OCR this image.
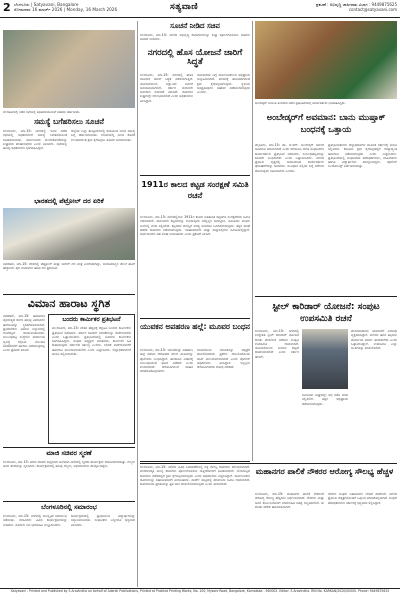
2 ಬೆಂಗಳೂರು | Satyavani, Bangalore
ಸೋಮವಾರ 16 ಮಾರ್ಚ್ 2026 | Monday, 16 March 2026	ಸತ್ಯವಾಣಿ	ಪ್ರಕಟಣೆ : ಅಭಿವೃದ್ಧಿ ಜಾಹೀರಾತು ವಿಭಾಗ : 9449875625
contact@satyavani.com
ಬೆಂಗಳೂರಿನಲ್ಲಿ ನಡೆದ ಸಭೆಯಲ್ಲಿ ಅಧಿಕಾರಿಗಳೊಂದಿಗೆ ಸಚಿವರು ಚರ್ಚಿಸಿದರು.
ಸಮಸ್ಯೆ ಬಗೆಹರಿಸಲು ಸೂಚನೆ
ಬೆಂಗಳೂರು, ಮಾ.15: ನಗರದಲ್ಲಿ ಇಂದು ನಡೆದ ಸಭೆಯಲ್ಲಿ ಅಧಿಕಾರಿಗಳಿಗೆ ಸಮಸ್ಯೆ ಬಗೆಹರಿಸುವಂತೆ ಸೂಚಿಸಲಾಯಿತು. ಸಾರ್ವಜನಿಕರ ಕುಂದುಕೊರತೆಗಳನ್ನು ಶೀಘ್ರವಾಗಿ ಪರಿಹರಿಸಬೇಕು ಎಂದು ತಿಳಿಸಿದರು. ಸಭೆಯಲ್ಲಿ ಹಲವು ಅಧಿಕಾರಿಗಳು ಭಾಗವಹಿಸಿದ್ದರು.
ಜಿಲ್ಲೆಯ ಎಲ್ಲಾ ತಾಲ್ಲೂಕುಗಳಲ್ಲಿ ಕುಡಿಯುವ ನೀರಿನ ಸಮಸ್ಯೆ ಬಗ್ಗೆ ಚರ್ಚಿಸಲಾಯಿತು. ಬೇಸಿಗೆಯಲ್ಲಿ ನೀರಿನ ಕೊರತೆ ಉಂಟಾಗದಂತೆ ಕ್ರಮ ಕೈಗೊಳ್ಳಲು ಸೂಚನೆ ನೀಡಲಾಯಿತು.
ಭಾರತದಲ್ಲಿ ಪೆಟ್ರೋಲ್ ದರ ಏರಿಕೆ
ನವದೆಹಲಿ, ಮಾ.15: ದೇಶದಲ್ಲಿ ಪೆಟ್ರೋಲ್ ಮತ್ತು ಡೀಸೆಲ್ ದರ ಮತ್ತೆ ಏರಿಕೆಯಾಗಿದ್ದು, ಜನಸಾಮಾನ್ಯರ ಮೇಲೆ ಹೊರೆ ಹೆಚ್ಚಾಗಿದೆ. ತೈಲ ಕಂಪನಿಗಳು ಹೊಸ ದರ ಪ್ರಕಟಿಸಿವೆ.
ವಿಮಾನ ಹಾರಾಟ ಸ್ಥಗಿತ
ನವದೆಹಲಿ, ಮಾ.15: ಹವಾಮಾನ ವೈಪರೀತ್ಯದ ಕಾರಣ ಹಲವು ವಿಮಾನಗಳ ಹಾರಾಟವನ್ನು ಸ್ಥಗಿತಗೊಳಿಸಲಾಗಿದೆ. ಪ್ರಯಾಣಿಕರು ವಿಮಾನ ನಿಲ್ದಾಣದಲ್ಲಿ ಗಂಟೆಗಟ್ಟಲೆ ಕಾಯುವಂತಾಯಿತು. ಸಂಬಂಧಪಟ್ಟ ಸಂಸ್ಥೆಗಳು ಪರ್ಯಾಯ ವ್ಯವಸ್ಥೆ ಕಲ್ಪಿಸಿವೆ. ಮುಂದಿನ ಸೂಚನೆವರೆಗೆ ಹಾರಾಟ ನಡೆಯುವುದಿಲ್ಲ ಎಂದು ಪ್ರಕಟಣೆ ತಿಳಿಸಿದೆ.
ಬಂದರು ಕಾರ್ಮಿಕರ ಪ್ರತಿಭಟನೆ
ಮಂಗಳೂರು, ಮಾ.15: ವೇತನ ಹೆಚ್ಚಳಕ್ಕೆ ಆಗ್ರಹಿಸಿ ಬಂದರು ಕಾರ್ಮಿಕರು ಪ್ರತಿಭಟನೆ ನಡೆಸಿದರು. ಸರ್ಕಾರ ಕೂಡಲೇ ಬೇಡಿಕೆಗಳನ್ನು ಈಡೇರಿಸಬೇಕು ಎಂದು ಒತ್ತಾಯಿಸಿದರು. ಪ್ರತಿಭಟನೆಯಲ್ಲಿ ನೂರಾರು ಕಾರ್ಮಿಕರು ಭಾಗವಹಿಸಿದ್ದರು. ಸಂಘದ ಅಧ್ಯಕ್ಷರು ಮಾತನಾಡಿ, ಕಾರ್ಮಿಕರ ಹಿತ ಕಾಪಾಡುವುದು ಸರ್ಕಾರದ ಕರ್ತವ್ಯ ಎಂದರು. ಬೇಡಿಕೆ ಈಡೇರುವವರೆಗೆ ಹೋರಾಟ ಮುಂದುವರಿಯಲಿದೆ ಎಂದು ಎಚ್ಚರಿಸಿದರು. ಜಿಲ್ಲಾಧಿಕಾರಿಗಳಿಗೆ ಮನವಿ ಸಲ್ಲಿಸಲಾಯಿತು.
ಮಾಜಿ ಸಚಿವರ ಸ್ಮರಣೆ
ಬೆಂಗಳೂರು, ಮಾ.15: ಮಾಜಿ ಸಚಿವರ ಜನ್ಮದಿನದ ಅಂಗವಾಗಿ ನಗರದಲ್ಲಿ ಸ್ಮರಣಾ ಕಾರ್ಯಕ್ರಮ ಆಯೋಜಿಸಲಾಗಿತ್ತು. ಗಣ್ಯರು ಅವರ ಸೇವೆಯನ್ನು ಸ್ಮರಿಸಿದರು. ಕಾರ್ಯಕ್ರಮದಲ್ಲಿ ಹಲವು ಗಣ್ಯರು, ಅಭಿಮಾನಿಗಳು ಪಾಲ್ಗೊಂಡಿದ್ದರು.
ಬೆಂಗಳೂರಿನಲ್ಲಿ ಸಮಾರಂಭ
ಬೆಂಗಳೂರು, ಮಾ.15: ನಗರದಲ್ಲಿ ಸಾಂಸ್ಕೃತಿಕ ಸಮಾರಂಭ ನಡೆಯಿತು. ಕಲಾವಿದರು ವಿವಿಧ ಕಾರ್ಯಕ್ರಮಗಳನ್ನು ನೀಡಿದರು. ನೂರಾರು ಜನ ಭಾಗವಹಿಸಿ ಸಂಭ್ರಮಿಸಿದರು.
ಕಾರ್ಯಕ್ರಮದಲ್ಲಿ ಪ್ರತಿಭಾವಂತ ವಿದ್ಯಾರ್ಥಿಗಳನ್ನು ಸನ್ಮಾನಿಸಲಾಯಿತು. ಸಂಘಟಕರು ಎಲ್ಲರಿಗೂ ಧನ್ಯವಾದ ತಿಳಿಸಿದರು.
ಸೂಚನೆ ನೀಡಿದ ಸಚಿವ
ಬೆಂಗಳೂರು, ಮಾ.15: ನಗರದ ಅಭಿವೃದ್ಧಿ ಕಾಮಗಾರಿಗಳನ್ನು ಶೀಘ್ರ ಪೂರ್ಣಗೊಳಿಸಲು ಸಚಿವರು ಸೂಚನೆ ನೀಡಿದರು.
ನಗರದಲ್ಲಿ ಹೊಸ ಯೋಜನೆ ಜಾರಿಗೆ ಸಿದ್ಧತೆ
ಬೆಂಗಳೂರು, ಮಾ.15: ನಗರದಲ್ಲಿ ಹೊಸ ಯೋಜನೆ ಜಾರಿಗೆ ಸಿದ್ಧತೆ ನಡೆಸಲಾಗುತ್ತಿದೆ. ಯೋಜನೆಯಿಂದ ಲಕ್ಷಾಂತರ ಜನರಿಗೆ ಅನುಕೂಲವಾಗಲಿದೆ. ಸರ್ಕಾರ ಈಗಾಗಲೇ ಅನುದಾನ ಬಿಡುಗಡೆ ಮಾಡಿದೆ. ಕಾಮಗಾರಿ ಶೀಘ್ರದಲ್ಲೇ ಆರಂಭವಾಗಲಿದೆ ಎಂದು ಅಧಿಕಾರಿಗಳು ತಿಳಿಸಿದ್ದಾರೆ.
ಯೋಜನೆಯ ಬಗ್ಗೆ ಸಾರ್ವಜನಿಕರಿಂದ ಅಭಿಪ್ರಾಯ ಸಂಗ್ರಹಿಸಲಾಗಿದೆ. ಪರಿಸರಕ್ಕೆ ಹಾನಿಯಾಗದಂತೆ ಕ್ರಮ ಕೈಗೊಳ್ಳಲಾಗುವುದು. ಸ್ಥಳೀಯ ಜನಪ್ರತಿನಿಧಿಗಳ ಸಹಕಾರ ಪಡೆಯಲಾಗುವುದು ಎಂದರು.
1911ರ ಕಾಲದ ಕಟ್ಟಡ ಸಂರಕ್ಷಣೆ ಸಮಿತಿ ರಚನೆ
ಬೆಂಗಳೂರು, ಮಾ.15: ನಗರದಲ್ಲಿರುವ 1911ರ ಕಾಲದ ಐತಿಹಾಸಿಕ ಕಟ್ಟಡಗಳ ಸಂರಕ್ಷಣೆಗಾಗಿ ಸಮಿತಿ ರಚಿಸಲಾಗಿದೆ. ಪಾರಂಪರಿಕ ಕಟ್ಟಡಗಳನ್ನು ಉಳಿಸುವುದು ನಮ್ಮೆಲ್ಲರ ಜವಾಬ್ದಾರಿ. ಸಮಿತಿಯು ಮೂರು ತಿಂಗಳಲ್ಲಿ ವರದಿ ಸಲ್ಲಿಸಲಿದೆ. ಕಟ್ಟಡಗಳ ದುರಸ್ತಿಗೆ ಅಗತ್ಯ ಅನುದಾನ ಒದಗಿಸಲಾಗುವುದು. ತಜ್ಞರ ಸಲಹೆ ಪಡೆದು ಕಾಮಗಾರಿ ನಡೆಸಲಾಗುವುದು. ಇತಿಹಾಸಕಾರರು ಮತ್ತು ವಾಸ್ತುಶಿಲ್ಪಿಗಳು ಸಮಿತಿಯಲ್ಲಿದ್ದಾರೆ. ಸಾರ್ವಜನಿಕರು ಸಹ ಸಲಹೆ ನೀಡಬಹುದು ಎಂದು ಪ್ರಕಟಣೆ ತಿಳಿಸಿದೆ.
ಯುವಕನ ಅಪಹರಣ ಹಲ್ಲೆ: ಮೂವರ ಬಂಧನ
ಬೆಂಗಳೂರು, ಮಾ.15: ಯುವಕನನ್ನು ಅಪಹರಿಸಿ ಹಲ್ಲೆ ನಡೆಸಿದ ಆರೋಪದ ಮೇಲೆ ಮೂವರನ್ನು ಪೊಲೀಸರು ಬಂಧಿಸಿದ್ದಾರೆ. ಹಣಕಾಸಿನ ವಿಚಾರಕ್ಕೆ ಸಂಬಂಧಿಸಿದಂತೆ ಘಟನೆ ನಡೆದಿದೆ ಎಂದು ಶಂಕಿಸಲಾಗಿದೆ. ಆರೋಪಿಗಳಿಂದ ವಾಹನ ವಶಪಡಿಸಿಕೊಳ್ಳಲಾಗಿದೆ.
ಗಾಯಗೊಂಡ ಯುವಕನನ್ನು ಆಸ್ಪತ್ರೆಗೆ ದಾಖಲಿಸಲಾಗಿದೆ. ಪ್ರಕರಣ ದಾಖಲಿಸಿಕೊಂಡು ತನಿಖೆ ಮುಂದುವರಿಸಲಾಗಿದೆ ಎಂದು ಪೊಲೀಸ್ ಅಧಿಕಾರಿಗಳು ತಿಳಿಸಿದ್ದಾರೆ. ಇನ್ನಿಬ್ಬರು ಆರೋಪಿಗಳಿಗಾಗಿ ಶೋಧ ನಡೆದಿದೆ.
ಬೆಂಗಳೂರು, ಮಾ.15: ನಗರದ ವಿವಿಧ ಬಡಾವಣೆಗಳಲ್ಲಿ ರಸ್ತೆ ದುರಸ್ತಿ ಕಾಮಗಾರಿ ಆರಂಭಿಸಲಾಗಿದೆ. ಮಳೆಗಾಲಕ್ಕೂ ಮುನ್ನ ಕಾಮಗಾರಿ ಪೂರ್ಣಗೊಳಿಸಲು ಗುತ್ತಿಗೆದಾರರಿಗೆ ಸೂಚಿಸಲಾಗಿದೆ. ಗುಣಮಟ್ಟದ ಕಾಮಗಾರಿ ನಡೆಸದಿದ್ದರೆ ಕ್ರಮ ಕೈಗೊಳ್ಳಲಾಗುವುದು ಎಂದು ಅಧಿಕಾರಿಗಳು ಎಚ್ಚರಿಸಿದ್ದಾರೆ. ಸಾರ್ವಜನಿಕರು ದೂರುಗಳನ್ನು ಸಹಾಯವಾಣಿಗೆ ತಿಳಿಸಬಹುದು. ವಾರ್ಡ್ ಮಟ್ಟದಲ್ಲಿ ಪರಿಶೀಲನಾ ಸಮಿತಿ ರಚಿಸಲಾಗಿದೆ. ಕಾಮಗಾರಿಯ ಪ್ರಗತಿಯನ್ನು ಪ್ರತಿ ವಾರ ಪರಿಶೀಲಿಸಲಾಗುವುದು ಎಂದು ತಿಳಿಸಲಾಗಿದೆ.
ಅಂಬೇಡ್ಕರ್ ಜಯಂತಿ ಅಂಗವಾಗಿ ನಡೆದ ಪ್ರತಿಭಟನೆಯಲ್ಲಿ ಕಾರ್ಯಕರ್ತರು ಭಾಗವಹಿಸಿದ್ದರು.
ಅಂಬೇಡ್ಕರ್‌ಗೆ ಅವಮಾನ: ಬಾನು ಮುಷ್ತಾಕ್ ಬಂಧನಕ್ಕೆ ಒತ್ತಾಯ
ಮೈಸೂರು, ಮಾ.15: ಡಾ. ಬಿ.ಆರ್. ಅಂಬೇಡ್ಕರ್ ಅವರಿಗೆ ಅವಮಾನ ಮಾಡಲಾಗಿದೆ ಎಂದು ಆರೋಪಿಸಿ ದಲಿತ ಸಂಘಟನೆಗಳ ಕಾರ್ಯಕರ್ತರು ಪ್ರತಿಭಟನೆ ನಡೆಸಿದರು. ಸಂಬಂಧಪಟ್ಟವರನ್ನು ಕೂಡಲೇ ಬಂಧಿಸಬೇಕು ಎಂದು ಒತ್ತಾಯಿಸಿದರು. ನಗರದ ಪ್ರಮುಖ ವೃತ್ತದಲ್ಲಿ ಜಮಾಯಿಸಿದ ಕಾರ್ಯಕರ್ತರು ಘೋಷಣೆಗಳನ್ನು ಕೂಗಿದರು. ಸಂವಿಧಾನ ಶಿಲ್ಪಿಯ ಬಗ್ಗೆ ಅಗೌರವ ತೋರುವುದು ಸಹಿಸಲಾಗದು ಎಂದರು.
ಪ್ರತಿಭಟನಾಕಾರರು ಜಿಲ್ಲಾಧಿಕಾರಿಗಳ ಮೂಲಕ ಸರ್ಕಾರಕ್ಕೆ ಮನವಿ ಸಲ್ಲಿಸಿದರು. ಕಾನೂನು ಕ್ರಮ ಕೈಗೊಳ್ಳದಿದ್ದರೆ ರಾಜ್ಯಾದ್ಯಂತ ಹೋರಾಟ ನಡೆಸಲಾಗುವುದು ಎಂದು ಎಚ್ಚರಿಸಿದರು. ಪ್ರತಿಭಟನೆಯಲ್ಲಿ ಸಂಘಟನೆಯ ಪದಾಧಿಕಾರಿಗಳು, ಮಹಿಳೆಯರು ಹಾಗೂ ವಿದ್ಯಾರ್ಥಿಗಳು ಪಾಲ್ಗೊಂಡಿದ್ದರು. ಪೊಲೀಸ್ ಬಂದೋಬಸ್ತ್ ಏರ್ಪಡಿಸಲಾಗಿತ್ತು.
ಸ್ಟೀಲ್ ಕಾರಿಡಾರ್ ಯೋಜನೆ: ಸಂಪುಟ ಉಪಸಮಿತಿ ರಚನೆ
ಬೆಂಗಳೂರು, ಮಾ.15: ನಗರದಲ್ಲಿ ಉದ್ದೇಶಿತ ಸ್ಟೀಲ್ ಕಾರಿಡಾರ್ ಯೋಜನೆ ಕುರಿತು ಪರಿಶೀಲನೆ ನಡೆಸಲು ಸಂಪುಟ ಉಪಸಮಿತಿ ರಚಿಸಲಾಗಿದೆ. ಯೋಜನೆಯಿಂದ ಸಂಚಾರ ದಟ್ಟಣೆ ಕಡಿಮೆಯಾಗಲಿದೆ ಎಂದು ಸರ್ಕಾರ ಹೇಳಿದೆ.
ಪರಿಸರವಾದಿಗಳು ಯೋಜನೆಗೆ ವಿರೋಧ ವ್ಯಕ್ತಪಡಿಸಿದ್ದಾರೆ. ಮರಗಳ ಹನನ ತಪ್ಪಿಸಲು ಪರ್ಯಾಯ ಮಾರ್ಗ ಹುಡುಕಬೇಕು ಎಂದು ಒತ್ತಾಯಿಸಿದ್ದಾರೆ. ಉಪಸಮಿತಿ ಎಲ್ಲಾ ಅಂಶಗಳನ್ನು ಪರಿಶೀಲಿಸಲಿದೆ.
ಸಮಿತಿಯು ಶೀಘ್ರದಲ್ಲೇ ಸಭೆ ನಡೆಸಿ ವರದಿ ಸಲ್ಲಿಸಲಿದೆ. ತಜ್ಞರ ಅಭಿಪ್ರಾಯ ಪಡೆಯಲಾಗುವುದು.
ಮಹಾನಗರ ಪಾಲಿಕೆ ನೌಕರರ ಆರೋಗ್ಯ ಸೌಲಭ್ಯ ಹೆಚ್ಚಳ
ಬೆಂಗಳೂರು, ಮಾ.15: ಮಹಾನಗರ ಪಾಲಿಕೆ ನೌಕರರಿಗೆ ಆರೋಗ್ಯ ಸೌಲಭ್ಯ ಹೆಚ್ಚಿಸಲು ನಿರ್ಧರಿಸಲಾಗಿದೆ. ನೌಕರರು ಮತ್ತು ಅವರ ಕುಟುಂಬದವರಿಗೆ ನಗದುರಹಿತ ಚಿಕಿತ್ಸೆ ಲಭ್ಯವಾಗಲಿದೆ. ಈ ಕುರಿತು ಆದೇಶ ಹೊರಡಿಸಲಾಗಿದೆ.
ನೌಕರರ ಸಂಘದ ಬಹುದಿನಗಳ ಬೇಡಿಕೆ ಈಡೇರಿದೆ. ನಗರದ ಪ್ರಮುಖ ಆಸ್ಪತ್ರೆಗಳೊಂದಿಗೆ ಒಪ್ಪಂದ ಮಾಡಿಕೊಳ್ಳಲಾಗಿದೆ. ಸಂಘದ ಪದಾಧಿಕಾರಿಗಳು ಸರ್ಕಾರಕ್ಕೆ ಧನ್ಯವಾದ ಸಲ್ಲಿಸಿದ್ದಾರೆ.
Satyavani : Printed and Published by S Aravindha on behalf of Adarsh Publications, Printed at Prabhat Printing Works, No. 100, Mysore Road, Bangalore, Karnataka - 560002. Editor: S Aravindha. RNI No. KARKAN/2020/00000. Phone: 9449875625
